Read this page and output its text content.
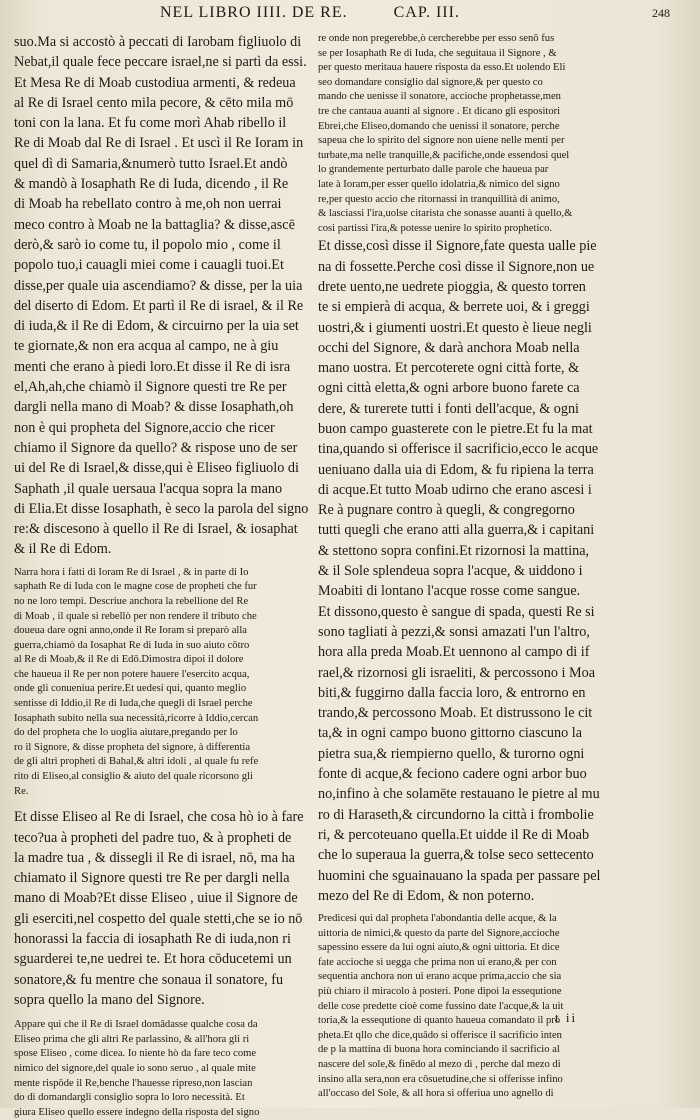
NEL LIBRO IIII. DE RE.	CAP. III.	248

suo.Ma si accostò à peccati di Iarobam figliuolo di

Nebat,il quale fece peccare israel,ne si partì da essi.

Et Mesa Re di Moab custodiua armenti, & redeua

al Re di Israel cento mila pecore, & cēto mila mō

toni con la lana. Et fu come morì Ahab ribello il

Re di Moab dal Re di Israel . Et uscì il Re Ioram in

quel dì di Samaria,&numerò tutto Israel.Et andò

& mandò à Iosaphath Re di Iuda, dicendo , il Re

di Moab ha rebellato contro à me,oh non uerrai

meco contro à Moab ne la battaglia? & disse,ascē

derò,& sarò io come tu, il popolo mio , come il

popolo tuo,i cauagli miei come i cauagli tuoi.Et

disse,per quale uia ascendiamo? & disse, per la uia

del diserto di Edom. Et partì il Re di israel, & il Re

di iuda,& il Re di Edom, & circuirno per la uia set

te giornate,& non era acqua al campo, ne à giu

menti che erano à piedi loro.Et disse il Re di isra

el,Ah,ah,che chiamò il Signore questi tre Re per

dargli nella mano di Moab? & disse Iosaphath,oh

non è qui propheta del Signore,accio che ricer

chiamo il Signore da quello? & rispose uno de ser

ui del Re di Israel,& disse,qui è Eliseo figliuolo di

Saphath ,il quale uersaua l'acqua sopra la mano

di Elia.Et disse Iosaphath, è seco la parola del signo

re:& discesono à quello il Re di Israel, & iosaphat

& il Re di Edom.

Narra hora i fatti di Ioram Re di Israel , & in parte di Io

saphath Re di Iuda con le magne cose de propheti che fur

no ne loro tempi. Descriue anchora la rebellione del Re

di Moab , il quale si rebellò per non rendere il tributo che

doueua dare ogni anno,onde il Re Ioram si preparò alla

guerra,chiamò da Iosaphat Re di Iuda in suo aiuto cōtro

al Re di Moab,& il Re di Edō.Dimostra dipoi il dolore

che haueua il Re per non potere hauere l'esercito acqua,

onde gli conueniua perire.Et uedesi qui, quanto meglio

sentisse di Iddio,il Re di Iuda,che quegli di Israel perche

Iosaphath subito nella sua necessità,ricorre à Iddio,cercan

do del propheta che lo uoglia aiutare,pregando per lo

ro il Signore, & disse propheta del signore, à differentia

de gli altri propheti di Bahal,& altri idoli , al quale fu refe

rito di Eliseo,al consiglio & aiuto del quale ricorsono gli

Re.

Et disse Eliseo al Re di Israel, che cosa hò io à fare

teco?ua à propheti del padre tuo, & à propheti de

la madre tua , & dissegli il Re di israel, nō, ma ha

chiamato il Signore questi tre Re per dargli nella

mano di Moab?Et disse Eliseo , uiue il Signore de

gli eserciti,nel cospetto del quale stetti,che se io nō

honorassi la faccia di iosaphath Re di iuda,non ri

sguarderei te,ne uedrei te. Et hora cōducetemi un

sonatore,& fu mentre che sonaua il sonatore, fu

sopra quello la mano del Signore.

Appare qui che il Re di Israel domādasse qualche cosa da

Eliseo prima che gli altri Re parlassino, & all'hora gli ri

spose Eliseo , come dicea. Io niente hò da fare teco come

nimico del signore,del quale io sono seruo , al quale mite

mente rispōde il Re,benche l'hauesse ripreso,non lascian

do di domandargli consiglio sopra lo loro necessità. Et

giura Eliseo quello essere indegno della risposta del signo

re onde non pregerebbe,ò cercherebbe per esso senō fus

se per Iosaphath Re di Iuda, che seguitaua il Signore , &

per questo meritaua hauere risposta da esso.Et uolendo Eli

seo domandare consiglio dal signore,& per questo co

mando che uenisse il sonatore, accioche prophetasse,men

tre che cantaua auanti al signore . Et dicano gli espositori

Ebrei,che Eliseo,domando che uenissi il sonatore, perche

sapeua che lo spirito del signore non uiene nelle menti per

turbate,ma nelle tranquille,& pacifiche,onde essendosi quel

lo grandemente perturbato dalle parole che haueua par

late à Ioram,per esser quello idolatria,& nimico del signo

re,per questo accio che ritornassi in tranquillità di animo,

& lasciassi l'ira,uolse citarista che sonasse auanti à quello,&

cosi partissi l'ira,& potesse uenire lo spirito prophetico.

Et disse,così disse il Signore,fate questa ualle pie

na di fossette.Perche così disse il Signore,non ue

drete uento,ne uedrete pioggia, & questo torren

te si empierà di acqua, & berrete uoi, & i greggi

uostri,& i giumenti uostri.Et questo è lieue negli

occhi del Signore, & darà anchora Moab nella

mano uostra. Et percoterete ogni città forte, &

ogni città eletta,& ogni arbore buono farete ca

dere, & turerete tutti i fonti dell'acque, & ogni

buon campo guasterete con le pietre.Et fu la mat

tina,quando si offerisce il sacrificio,ecco le acque

ueniuano dalla uia di Edom, & fu ripiena la terra

di acque.Et tutto Moab udirno che erano ascesi i

Re à pugnare contro à quegli, & congregorno

tutti quegli che erano atti alla guerra,& i capitani

& stettono sopra confini.Et rizornosi la mattina,

& il Sole splendeua sopra l'acque, & uiddono i

Moabiti di lontano l'acque rosse come sangue.

Et dissono,questo è sangue di spada, questi Re si

sono tagliati à pezzi,& sonsi amazati l'un l'altro,

hora alla preda Moab.Et uennono al campo di if

rael,& rizornosi gli israeliti, & percossono i Moa

biti,& fuggirno dalla faccia loro, & entrorno en

trando,& percossono Moab. Et distrussono le cit

ta,& in ogni campo buono gittorno ciascuno la

pietra sua,& riempierno quello, & turorno ogni

fonte di acque,& feciono cadere ogni arbor buo

no,infino à che solamēte restauano le pietre al mu

ro di Haraseth,& circundorno la città i frombolie

ri, & percoteuano quella.Et uidde il Re di Moab

che lo superaua la guerra,& tolse seco settecento

huomini che sguainauano la spada per passare pel

mezo del Re di Edom, & non poterno.

Predicesi qui dal propheta l'abondantia delle acque, & la

uittoria de nimici,& questo da parte del Signore,accioche

sapessino essere da lui ogni aiuto,& ogni uittoria. Et dice

fate accioche si uegga che prima non ui erano,& per con

sequentia anchora non ui erano acque prima,accio che sia

più chiaro il miracolo à posteri. Pone dipoi la essequtione

delle cose predette cioè come fussino date l'acque,& la uit

toria,& la essequtione di quanto haueua comandato il pro

pheta.Et qllo che dice,quādo si offerisce il sacrificio inten

de p la mattina di buona hora cominciando il sacrificio al

nascere del sole,& finēdo al mezo dì , perche dal mezo di

insino alla sera,non era cōsuetudine,che si offerisse infino

all'occaso del Sole, & all hora si offeriua uno agnello di

t ii
